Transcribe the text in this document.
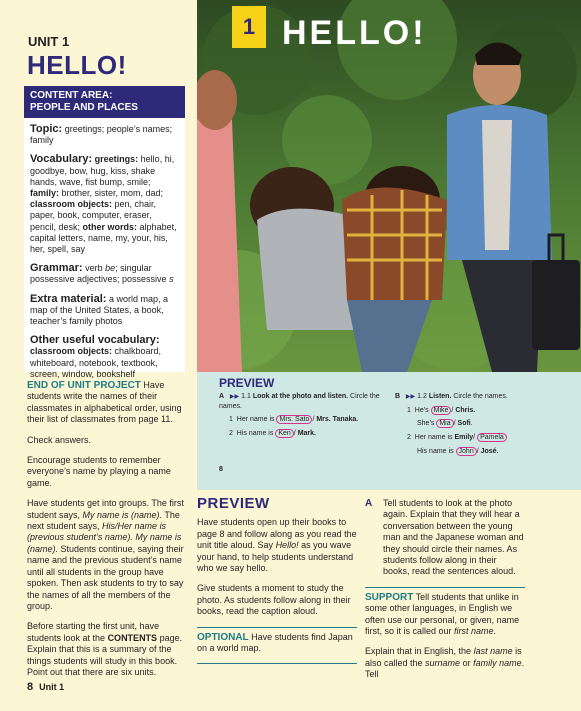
UNIT 1
HELLO!
CONTENT AREA:
PEOPLE AND PLACES
Topic: greetings; people’s names; family
Vocabulary: greetings: hello, hi, goodbye, bow, hug, kiss, shake hands, wave, fist bump, smile; family: brother, sister, mom, dad; classroom objects: pen, chair, paper, book, computer, eraser, pencil, desk; other words: alphabet, capital letters, name, my, your, his, her, spell, say
Grammar: verb be; singular possessive adjectives; possessive s
Extra material: a world map, a map of the United States, a book, teacher’s family photos
Other useful vocabulary:
classroom objects: chalkboard, whiteboard, notebook, textbook, screen, window, bookshelf

END OF UNIT PROJECT Have students write the names of their classmates in alphabetical order, using their list of classmates from page 11.

Check answers.

Encourage students to remember everyone’s name by playing a name game.

Have students get into groups. The first student says, My name is (name). The next student says, His/Her name is (previous student’s name). My name is (name). Students continue, saying their name and the previous student’s name until all students in the group have spoken. Then ask students to try to say the names of all the members of the group.

Before starting the first unit, have students look at the CONTENTS page. Explain that this is a summary of the things students will study in this book. Point out that there are six units.

8 Unit 1
1 HELLO!
PREVIEW
A ▶▶ 1.1 Look at the photo and listen. Circle the names.
1 Her name is Mrs. Sato / Mrs. Tanaka.
2 His name is Ken / Mark.
B ▶▶ 1.2 Listen. Circle the names.
1 He’s Mike / Chris.
She’s Mia / Sofi.
2 Her name is Emily/ Pamela
His name is John / José.
8
PREVIEW

Have students open up their books to page 8 and follow along as you read the unit title aloud. Say Hello! as you wave your hand, to help students understand who we say hello.

Give students a moment to study the photo. As students follow along in their books, read the caption aloud.

OPTIONAL Have students find Japan on a world map.

A Tell students to look at the photo again. Explain that they will hear a conversation between the young man and the Japanese woman and they should circle their names. As students follow along in their books, read the sentences aloud.

SUPPORT Tell students that unlike in some other languages, in English we often use our personal, or given, name first, so it is called our first name.

Explain that in English, the last name is also called the surname or family name. Tell
